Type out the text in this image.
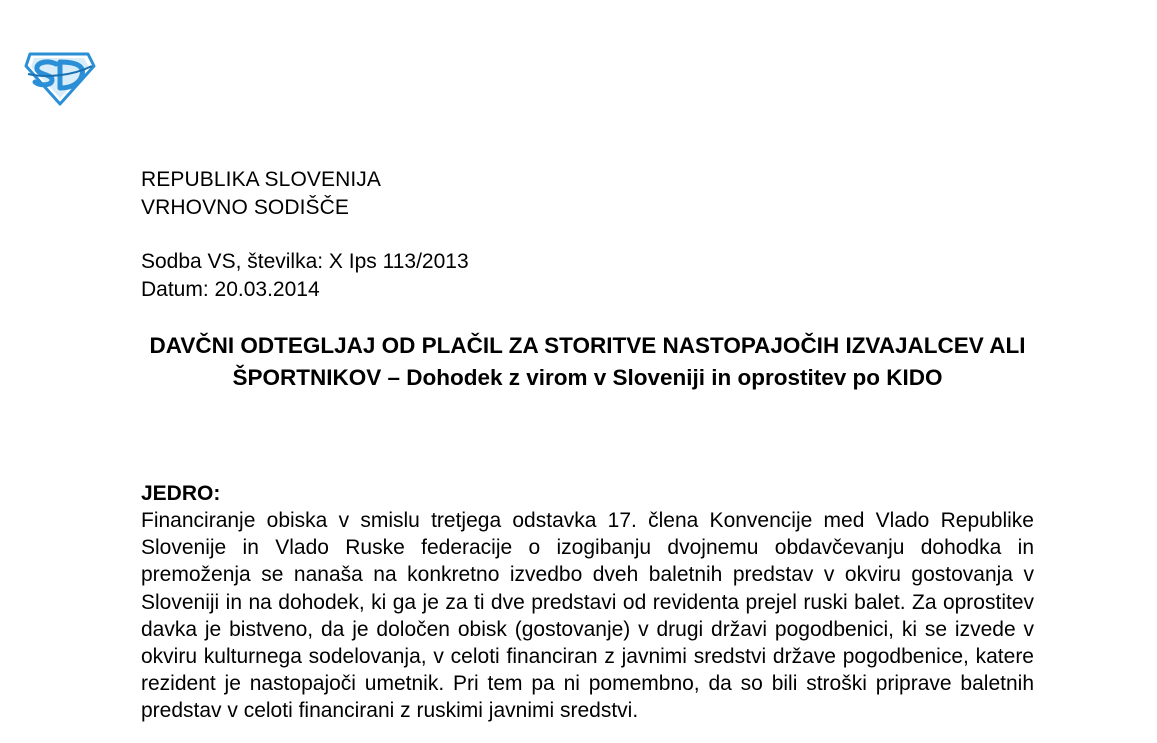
REPUBLIKA SLOVENIJA
VRHOVNO SODIŠČE
Sodba VS, številka: X Ips 113/2013
Datum: 20.03.2014
DAVČNI ODTEGLJAJ OD PLAČIL ZA STORITVE NASTOPAJOČIH IZVAJALCEV ALI ŠPORTNIKOV – Dohodek z virom v Sloveniji in oprostitev po KIDO
JEDRO:
Financiranje obiska v smislu tretjega odstavka 17. člena Konvencije med Vlado Republike Slovenije in Vlado Ruske federacije o izogibanju dvojnemu obdavčevanju dohodka in premoženja se nanaša na konkretno izvedbo dveh baletnih predstav v okviru gostovanja v Sloveniji in na dohodek, ki ga je za ti dve predstavi od revidenta prejel ruski balet. Za oprostitev davka je bistveno, da je določen obisk (gostovanje) v drugi državi pogodbenici, ki se izvede v okviru kulturnega sodelovanja, v celoti financiran z javnimi sredstvi države pogodbenice, katere rezident je nastopajoči umetnik. Pri tem pa ni pomembno, da so bili stroški priprave baletnih predstav v celoti financirani z ruskimi javnimi sredstvi.
